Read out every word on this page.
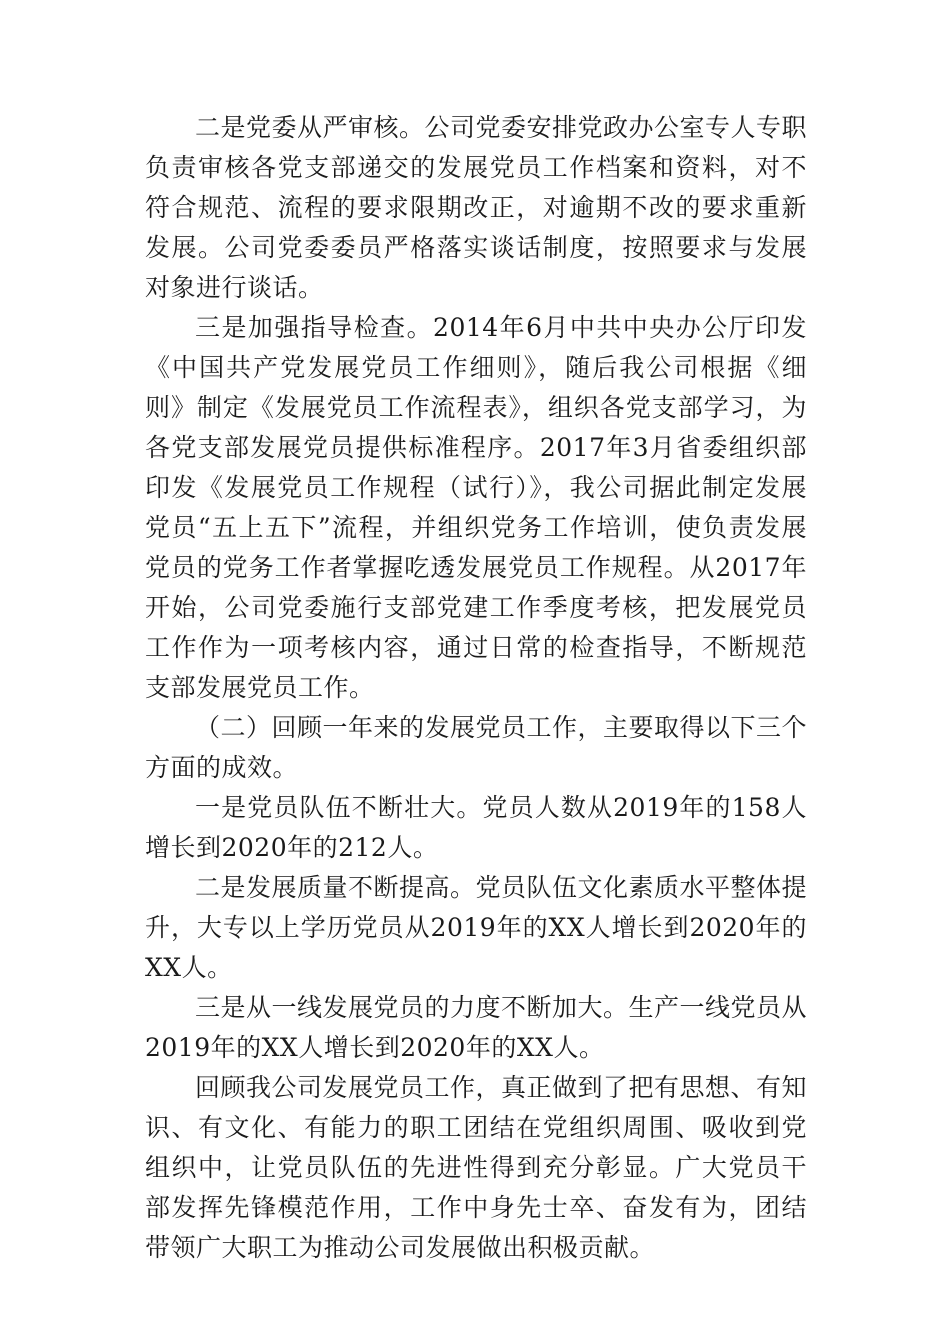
二是党委从严审核。公司党委安排党政办公室专人专职负责审核各党支部递交的发展党员工作档案和资料，对不符合规范、流程的要求限期改正，对逾期不改的要求重新发展。公司党委委员严格落实谈话制度，按照要求与发展对象进行谈话。

三是加强指导检查。2014年6月中共中央办公厅印发《中国共产党发展党员工作细则》，随后我公司根据《细则》制定《发展党员工作流程表》，组织各党支部学习，为各党支部发展党员提供标准程序。2017年3月省委组织部印发《发展党员工作规程（试行）》，我公司据此制定发展党员“五上五下”流程，并组织党务工作培训，使负责发展党员的党务工作者掌握吃透发展党员工作规程。从2017年开始，公司党委施行支部党建工作季度考核，把发展党员工作作为一项考核内容，通过日常的检查指导，不断规范支部发展党员工作。

（二）回顾一年来的发展党员工作，主要取得以下三个方面的成效。

一是党员队伍不断壮大。党员人数从2019年的158人增长到2020年的212人。

二是发展质量不断提高。党员队伍文化素质水平整体提升，大专以上学历党员从2019年的XX人增长到2020年的XX人。

三是从一线发展党员的力度不断加大。生产一线党员从2019年的XX人增长到2020年的XX人。

回顾我公司发展党员工作，真正做到了把有思想、有知识、有文化、有能力的职工团结在党组织周围、吸收到党组织中，让党员队伍的先进性得到充分彰显。广大党员干部发挥先锋模范作用，工作中身先士卒、奋发有为，团结带领广大职工为推动公司发展做出积极贡献。
